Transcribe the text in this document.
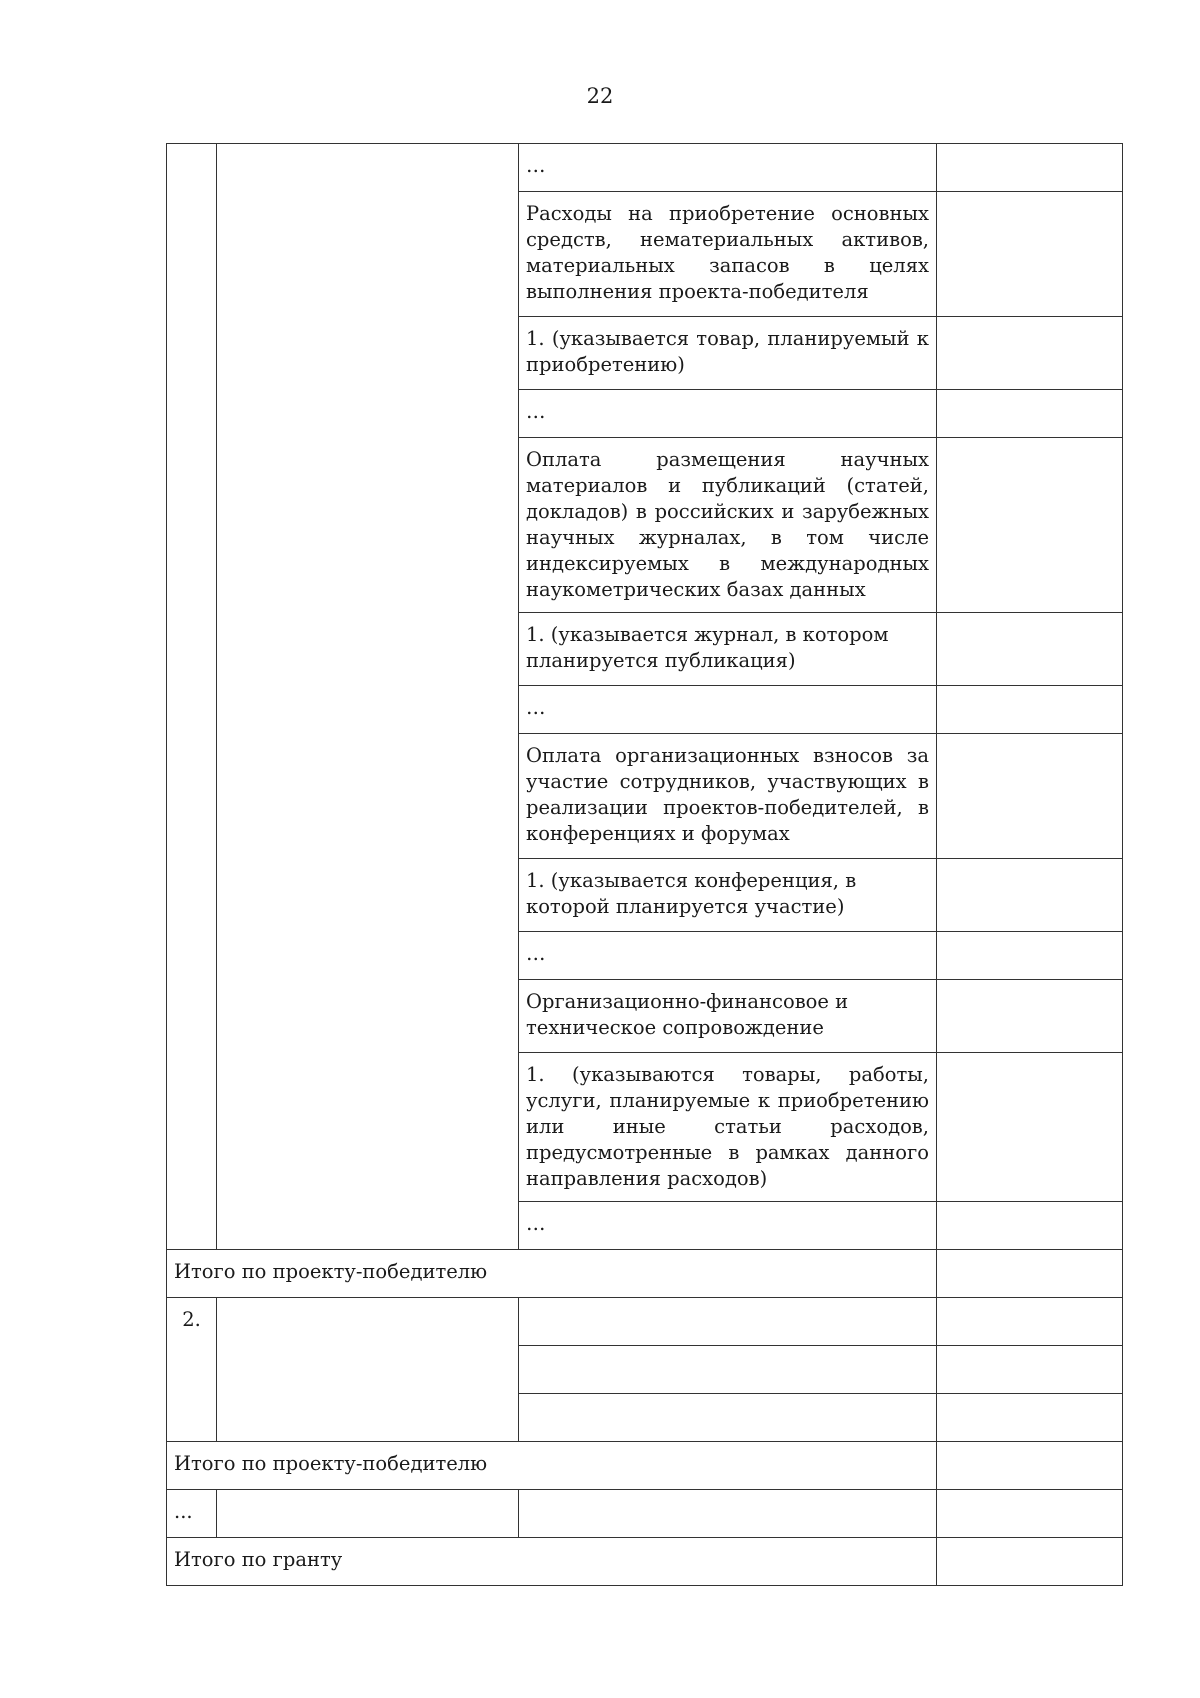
22
		…	
		Расходы на приобретение основных средств, нематериальных активов, материальных запасов в целях выполнения проекта-победителя	
		1. (указывается товар, планируемый к приобретению)	
		…	
		Оплата размещения научных материалов и публикаций (статей, докладов) в российских и зарубежных научных журналах, в том числе индексируемых в международных наукометрических базах данных	
		1. (указывается журнал, в котором планируется публикация)	
		…	
		Оплата организационных взносов за участие сотрудников, участвующих в реализации проектов-победителей, в конференциях и форумах	
		1. (указывается конференция, в которой планируется участие)	
		…	
		Организационно-финансовое и техническое сопровождение	
		1. (указываются товары, работы, услуги, планируемые к приобретению или иные статьи расходов, предусмотренные в рамках данного направления расходов)	
		…	
Итого по проекту-победителю			
2.			

Итого по проекту-победителю			
...			
Итого по гранту			
